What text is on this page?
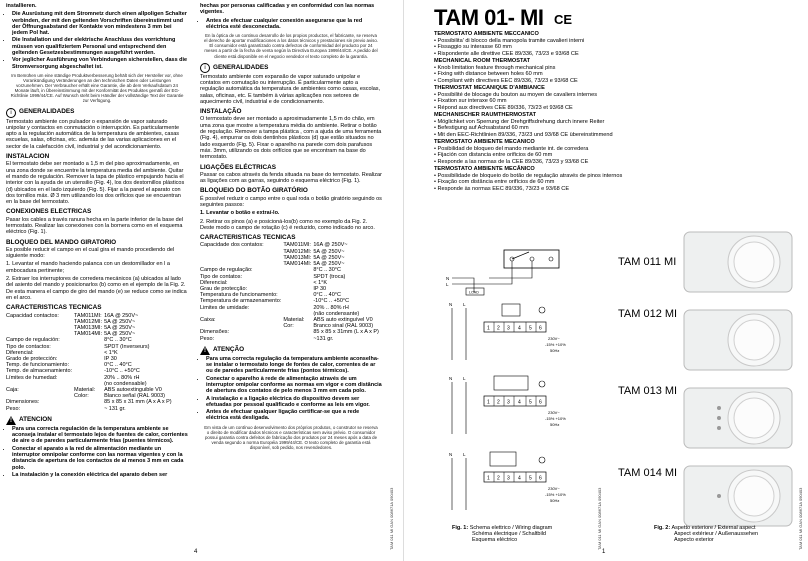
installieren.

• Die Ausrüstung mit dem Stromnetz durch einen allpoligen Schalter verbinden, der mit den geltenden Vorschriften übereinstimmt und der Öffnungsabstand der Kontakte von mindestens 3 mm bei jedem Pol hat.
• Die Installation und der elektrische Anschluss des vorrichtung müssen von qualifiziertem Personal und entsprechend den geltenden Gesetzesbestimmungen ausgeführt werden.
• Vor jeglicher Ausführung von Verbindungen sicherstellen, dass die Stromversorgung abgeschaltet ist.
Im Bemühen um eine ständige Produktverbesserung behält sich der Hersteller vor, ohne Vorankündigung Veränderungen an den technischen Daten oder Leistungen vorzunehmen. Der Verbraucher erhält eine Garantie, die ab dem Verkaufsdatum 24 Monate läuft, in Übereinstimmung mit der Konformität des Produktes gemäß der EG-Richtlinie 1999/44/CE. Auf Wunsch steht beim Händler der vollständige Text der Garantie zur Verfügung.
i	GENERALIDADES

Termostato ambiente con pulsador o expansión de vapor saturado unipolar y contactos en conmutación o interrupción. Es particularmente apto a la regulación automática de la temperatura de ambientes, casas escuelas, salas, oficinas, etc. además de las varias aplicaciones en el sector de la calefacción civil, industrial y del acondicionamiento.

INSTALACION

El termostato debe ser montado a 1,5 m del piso aproximadamente, en una zona donde se encuentre la temperatura media del ambiente. Quitar el mando de regulación. Remover la tapa de plástico empujando hacia el interior con la ayuda de un utensilio (Fig. 4), los dos destornillos plásticos (d) ubicados en el lado izquierdo (Fig. 5). Fijar a la pared el aparato con dos tornillos máx. Ø 3 mm utilizando los dos orificios que se encuentran en la base del termostato.

CONEXIONES ELECTRICAS

Pasar los cables a través ranura hecha en la parte inferior de la base del termostato. Realizar las conexiones con la bornera como en el esquema eléctrico (Fig. 1).

BLOQUEO DEL MANDO GIRATORIO

Es posible reducir el campo en el cual gira el mando procediendo del siguiente modo:

1. Levantar el mando haciendo palanca con un destornillador en l a embocadura pertinente;

2. Extraer los interruptores de corredera mecánicos (a) ubicados al lado del asiento del mando y posicionarlos (b) como en el ejemplo de la Fig. 2. De esta manera el campo de giro del mando (e) se reduce como se indica en el arco.

CARACTERISTICAS TECNICAS
Capacidad contactos:	TAM011MI:	16A @ 250V~
	TAM012MI:	5A @ 250V~
	TAM013MI:	5A @ 250V~
	TAM014MI:	5A @ 250V~
Campo de regulación:		8°C .. 30°C
Tipo de contactos:		SPDT (Inverseurs)
Diferencial:		< 1°K
Grado de protección:		IP 30
Temp. de funcionamiento:		0°C .. 40°C
Temp. de almacenamiento:		-10°C .. +50°C
Límites de humedad:		20% .. 80% rH
		(no condensable)
Caja:	Material:	ABS autoextinguible V0
	Color:	Blanco señal (RAL 9003)
Dimensiones:		85 x 85 x 31 mm (A x A x P)
Peso:		~ 131 gr.
!
ATENCION
• Para una correcta regulación de la temperatura ambiente se aconseja instalar el termostato lejos de fuentes de calor, corrientes de aire o de paredes particularmente frías (puentes térmicos).
• Conectar el aparato a la red de alimentación mediante un interruptor omnipolar conforme con las normas vigentes y con la distancia de apertura de los contactos de al menos 3 mm en cada polo.
• La instalación y la conexión eléctrica del aparato deben ser

hechas por personas calificadas y en conformidad con las normas vigentes.

• Antes de efectuar cualquier conexión asegurarse que la red eléctrica esté desconectada.
En la óptica de un continuo desarrollo de los propios productos, el fabricante, se reserva el derecho de aportar modificaciones a los datos técnicos y prestaciones sin previo aviso. El consumidor está garantizado contra defectos de conformidad del producto por 24 meses a partir de la fecha de venta según la Directiva Europea 1999/44/CE. A pedido del cliente está disponible en el negocio vendedor el texto completo de la garantía.
i	GENERALIDADES

Termostato ambiente com expansão de vapor saturado unipolar e contatos em comutação ou interrupção. É particularmente apto a regulação automática da temperatura de ambientes como casas, escolas, salas, oficinas, etc. E também à várias aplicações nos setores de aquecimento civil, industrial e de condicionamento.

INSTALAÇÃO

O termostato deve ser montado a aproximadamente 1,5 m do chão, em uma zona que mostre a temperatura média do ambiente. Retirar o botão de regulação. Remover a tampa plástica , com a ajuda de uma ferramenta (Fig. 4), empurrar os dois dentinhos plásticos (d) que estão situados no lado esquerdo (Fig. 5). Fixar o aparelho na parede com dois parafusos máx. 3mm, utilizando os dois orifícios que se encontram na base do termostato.

LIGAÇÕES ELÉCTRICAS

Passar os cabos através da fenda situada na base do termostato. Realizar as ligações com as garras, seguindo o esquema eléctrico (Fig. 1).

BLOQUEIO DO BOTÃO GIRATÓRIO

É possível reduzir o campo entre o qual roda o botão giratório seguindo os seguintes passos:

1. Levantar o botão e extraí-lo.

2. Retirar os pinos (a) e posicioná-los(b) como no exemplo da Fig. 2. Deste modo o campo de rotação (c) é reduzido, como indicado no arco.

CARACTERISTICAS TECNICAS
Capacidade dos contatos:	TAM011MI:	16A @ 250V~
	TAM012MI:	5A @ 250V~
	TAM013MI:	5A @ 250V~
	TAM014MI:	5A @ 250V~
Campo de regulação:		8°C .. 30°C
Tipo de contatos:		SPDT (troca)
Diferencial:		< 1°K
Grau de protecção:		IP 30
Temperatura de funcionamento:		0°C .. 40°C
Temperatura de armazenamento:		-10°C .. +50°C
Limites de umidade:		20% .. 80% rH
		(não condensante)
Caixa:	Material:	ABS auto extinguível V0
	Cor:	Branco sinal (RAL 9003)
Dimensões:		85 x 85 x 31mm (L x A x P)
Peso:		~131 gr.
!
ATENÇÃO
• Para uma correcta regulação da temperatura ambiente aconselha-se instalar o termostato longe de fontes de calor, correntes de ar ou de paredes particularmente frias (pontos térmicos).
• Conectar o aparelho à rede de alimentação através de um interruptor omipolar conforme as normas em vigor e com distância de abertura dos contatos de pelo menos 3 mm em cada polo.
• A instalação e a ligação eléctrica do dispositivo devem ser efetuadas por pessoal qualificado e conforme as leis em vigor.
• Antes de efectuar qualquer ligação certificar-se que a rede eléctrica está desligada.
Em vista de um contínuo desenvolvimento dos próprios produtos, o construtor se reserva o direito de modificar dados técnicos e características sem aviso prévio. O consumidor possui garantia contra defeitos de fabricação dos produtos por 24 meses após a data de venda segundo a norma Européia 1999/44/CE. O texto completo de garantia está disponível, sob pedido, nos revendedores.
TAM 011 MI GAN 008671A 090403
4
TAM 01- MI CE
TERMOSTATO AMBIENTE MECCANICO
• Possibilita' di blocco della manopola tramite cavalieri interni
• Fissaggio su interasse 60 mm
• Rispondente alle direttive CEE 89/336, 73/23 e 93/68 CE
MECHANICAL ROOM THERMOSTAT
• Knob limitation feature through mechanical pins
• Fixing with distance between holes 60 mm
• Compliant with directives EEC 89/336, 73/23 e 93/68 CE
THERMOSTAT MECANIQUE D'AMBIANCE
• Possibilité de blocage du bouton au moyen de cavaliers internes
• Fixation sur interaxe 60 mm
• Répond aux directives CEE 89/336, 73/23 et 93/68 CE
MECHANISCHER RAUMTHERMOSTAT
• Möglichket von Sperrung der Drehgriffsdrehung durch innere Reiter
• Befestigung auf Achsabstand 60 mm
• Mit den EEC-Richtlinien 89/336, 73/23 und 93/68 CE übereinstimmend
TERMOSTATO AMBIENTE MECANICO
• Posibilidad de bloqueo del mando mediante int. de corredera
• Fijación con distancia entre orificios de 60 mm
• Responde a las normas de la CEE 89/336, 73/23 y 93/68 CE
TERMOSTATO AMBIENTE MECÂNICO
• Possibilidade de bloqueio do botão de regulação através de pinos internos
• Fixação com distância entre orifícios de 60 mm
• Responde às normas EEC 89/336, 73/23 e 93/68 CE
TAM 011 MI
TAM 012 MI
TAM 013 MI
TAM 014 MI
LOAD
N
L
N L
1 2 3 4 5 6
230V~
-15% +10%
50Hz
N L
1 2 3 4 5 6
230V~
-15% +10%
50Hz
N L
1 2 3 4 5 6
230V~
-15% +10%
50Hz
Fig. 1: Schema elettrico / Wiring diagram
Schéma électrique / Schaltbild
Esquema eléctrico
Fig. 2: Aspetto esteriore / External aspect
Aspect extérieur / Außenaussehen
Aspecto exterior
TAM 011 MI GAN 008671A 090403	TAM 011 MI GAN 008671A 090403
1
